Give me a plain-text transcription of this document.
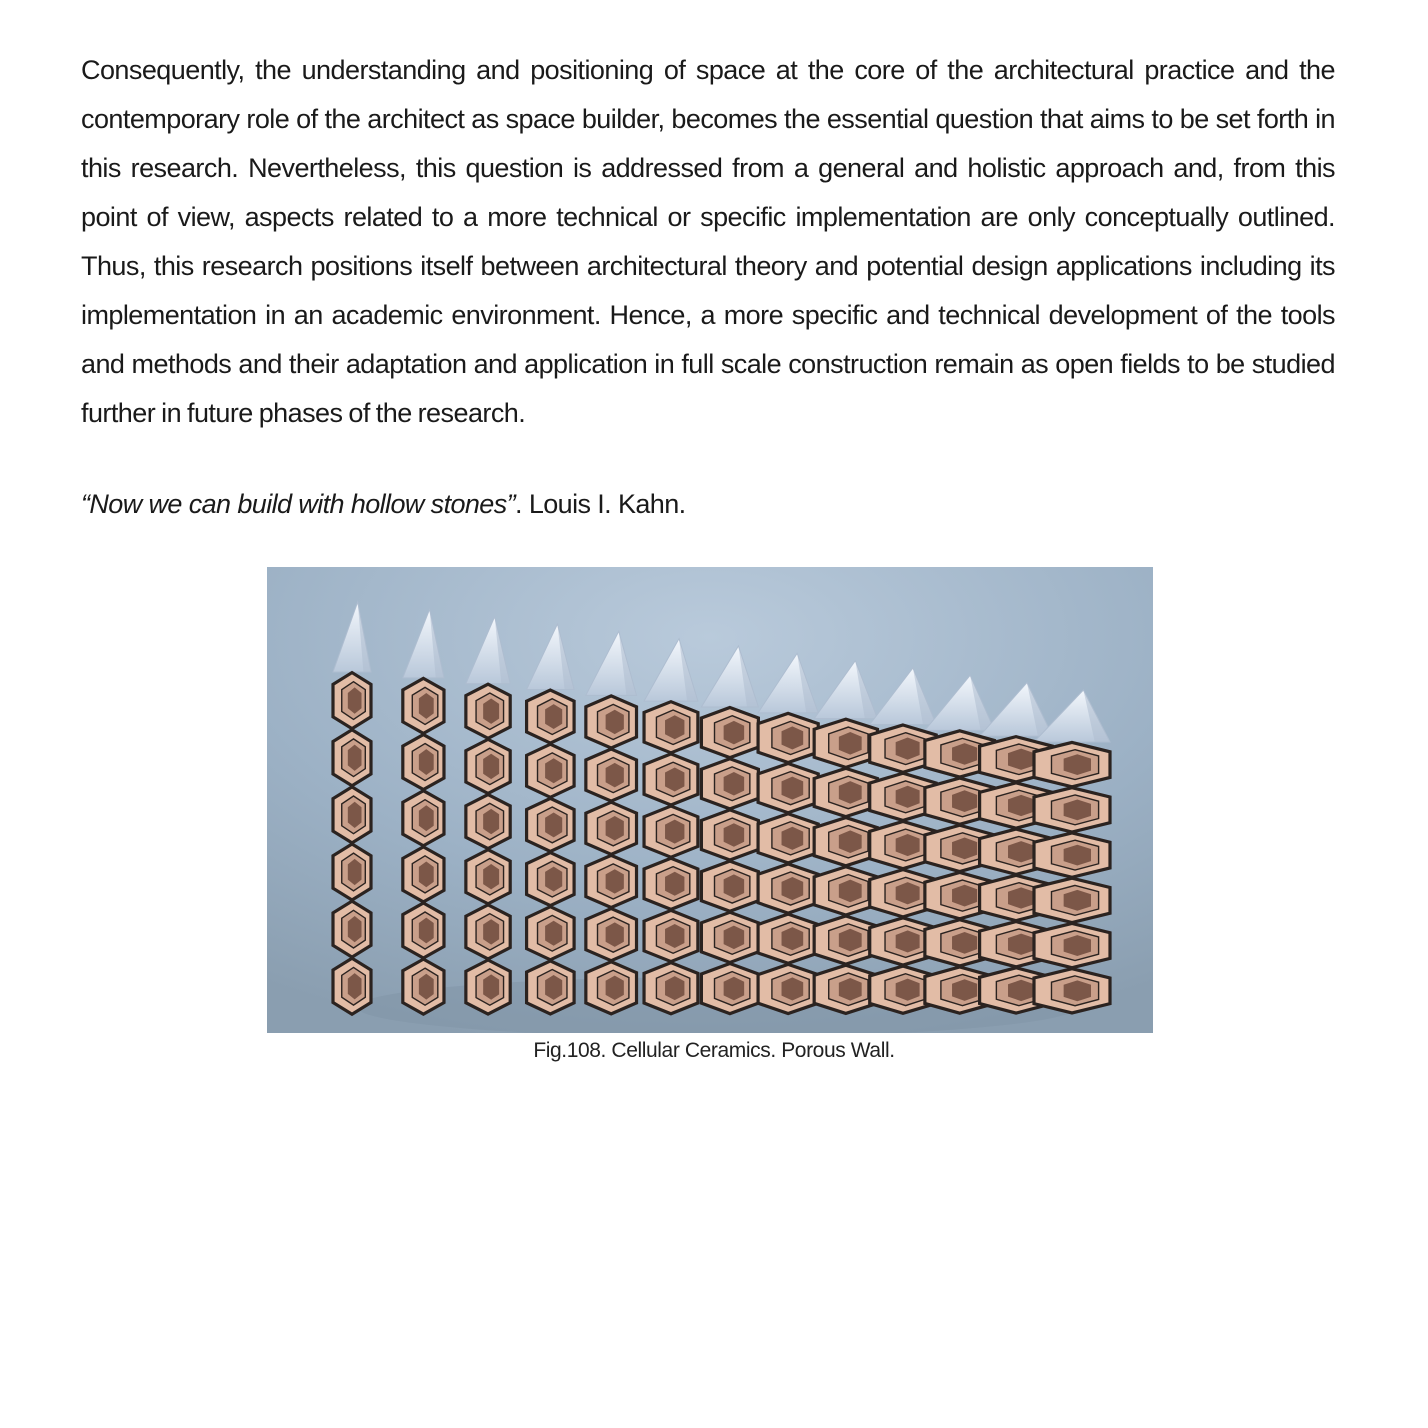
Consequently, the understanding and positioning of space at the core of the architectural practice and the contemporary role of the architect as space builder, becomes the essential question that aims to be set forth in this research. Nevertheless, this question is addressed from a general and holistic approach and, from this point of view, aspects related to a more technical or specific implementation are only conceptually outlined. Thus, this research positions itself between architectural theory and potential design applications including its implementation in an academic environment. Hence, a more specific and technical development of the tools and methods and their adaptation and application in full scale construction remain as open fields to be studied further in future phases of the research.

“Now we can build with hollow stones”. Louis I. Kahn.

Fig.108. Cellular Ceramics. Porous Wall.
